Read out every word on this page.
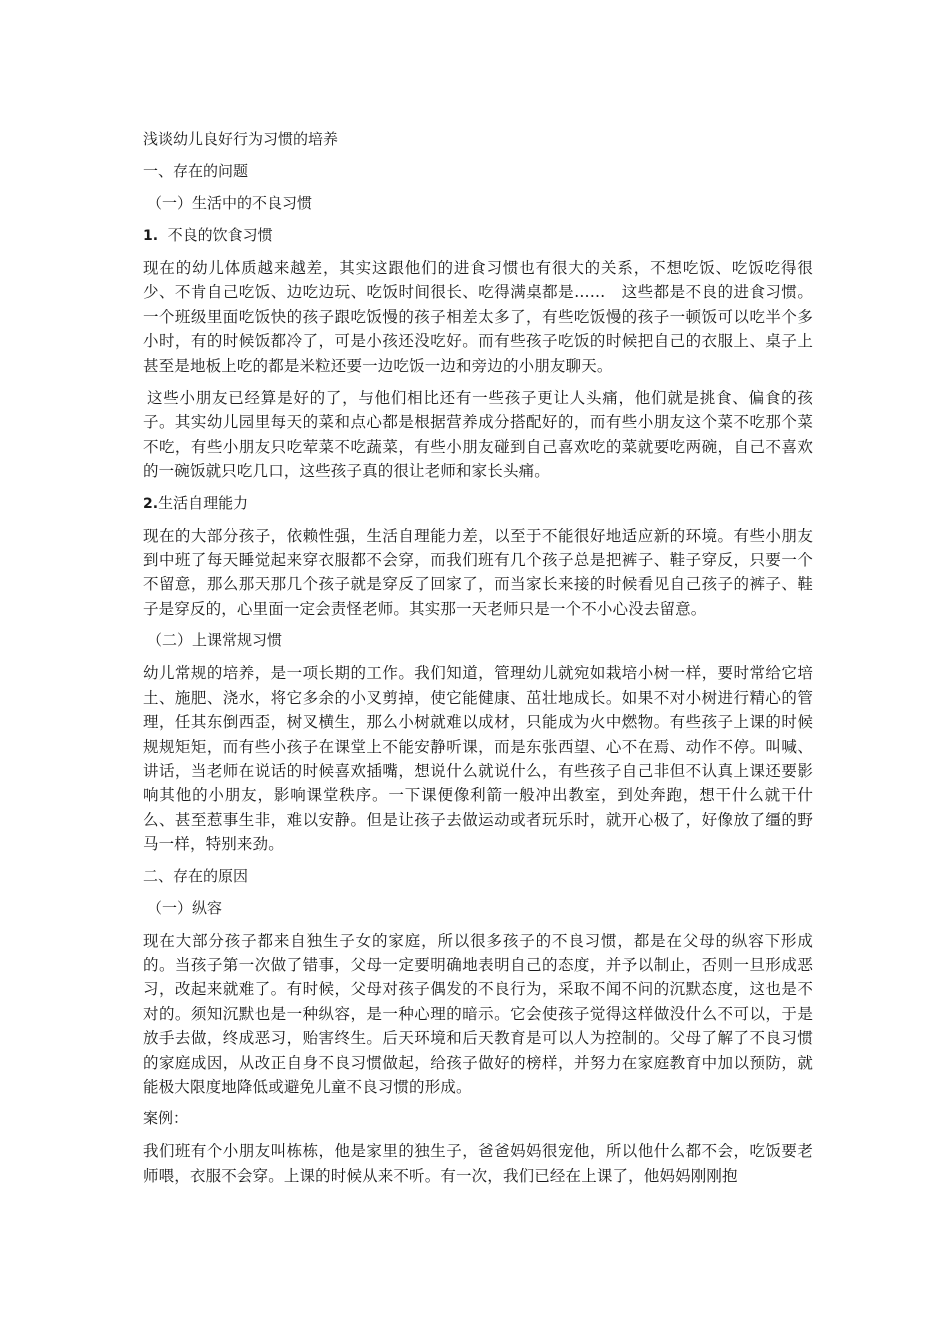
浅谈幼儿良好行为习惯的培养

一、存在的问题

（一）生活中的不良习惯

1. 不良的饮食习惯

现在的幼儿体质越来越差，其实这跟他们的进食习惯也有很大的关系，不想吃饭、吃饭吃得很少、不肯自己吃饭、边吃边玩、吃饭时间很长、吃得满桌都是……　这些都是不良的进食习惯。一个班级里面吃饭快的孩子跟吃饭慢的孩子相差太多了，有些吃饭慢的孩子一顿饭可以吃半个多小时，有的时候饭都冷了，可是小孩还没吃好。而有些孩子吃饭的时候把自己的衣服上、桌子上甚至是地板上吃的都是米粒还要一边吃饭一边和旁边的小朋友聊天。

这些小朋友已经算是好的了，与他们相比还有一些孩子更让人头痛，他们就是挑食、偏食的孩子。其实幼儿园里每天的菜和点心都是根据营养成分搭配好的，而有些小朋友这个菜不吃那个菜不吃，有些小朋友只吃荤菜不吃蔬菜，有些小朋友碰到自己喜欢吃的菜就要吃两碗，自己不喜欢的一碗饭就只吃几口，这些孩子真的很让老师和家长头痛。

2.生活自理能力

现在的大部分孩子，依赖性强，生活自理能力差，以至于不能很好地适应新的环境。有些小朋友到中班了每天睡觉起来穿衣服都不会穿，而我们班有几个孩子总是把裤子、鞋子穿反，只要一个不留意，那么那天那几个孩子就是穿反了回家了，而当家长来接的时候看见自己孩子的裤子、鞋子是穿反的，心里面一定会责怪老师。其实那一天老师只是一个不小心没去留意。

（二）上课常规习惯

幼儿常规的培养，是一项长期的工作。我们知道，管理幼儿就宛如栽培小树一样，要时常给它培土、施肥、浇水，将它多余的小叉剪掉，使它能健康、茁壮地成长。如果不对小树进行精心的管理，任其东倒西歪，树叉横生，那么小树就难以成材，只能成为火中燃物。有些孩子上课的时候规规矩矩，而有些小孩子在课堂上不能安静听课，而是东张西望、心不在焉、动作不停。叫喊、讲话，当老师在说话的时候喜欢插嘴，想说什么就说什么，有些孩子自己非但不认真上课还要影响其他的小朋友，影响课堂秩序。一下课便像利箭一般冲出教室，到处奔跑，想干什么就干什么、甚至惹事生非，难以安静。但是让孩子去做运动或者玩乐时，就开心极了，好像放了缰的野马一样，特别来劲。

二、存在的原因

（一）纵容

现在大部分孩子都来自独生子女的家庭，所以很多孩子的不良习惯，都是在父母的纵容下形成的。当孩子第一次做了错事，父母一定要明确地表明自己的态度，并予以制止，否则一旦形成恶习，改起来就难了。有时候，父母对孩子偶发的不良行为，采取不闻不问的沉默态度，这也是不对的。须知沉默也是一种纵容，是一种心理的暗示。它会使孩子觉得这样做没什么不可以，于是放手去做，终成恶习，贻害终生。后天环境和后天教育是可以人为控制的。父母了解了不良习惯的家庭成因，从改正自身不良习惯做起，给孩子做好的榜样，并努力在家庭教育中加以预防，就能极大限度地降低或避免儿童不良习惯的形成。

案例：

我们班有个小朋友叫栋栋，他是家里的独生子，爸爸妈妈很宠他，所以他什么都不会，吃饭要老师喂，衣服不会穿。上课的时候从来不听。有一次，我们已经在上课了，他妈妈刚刚抱
